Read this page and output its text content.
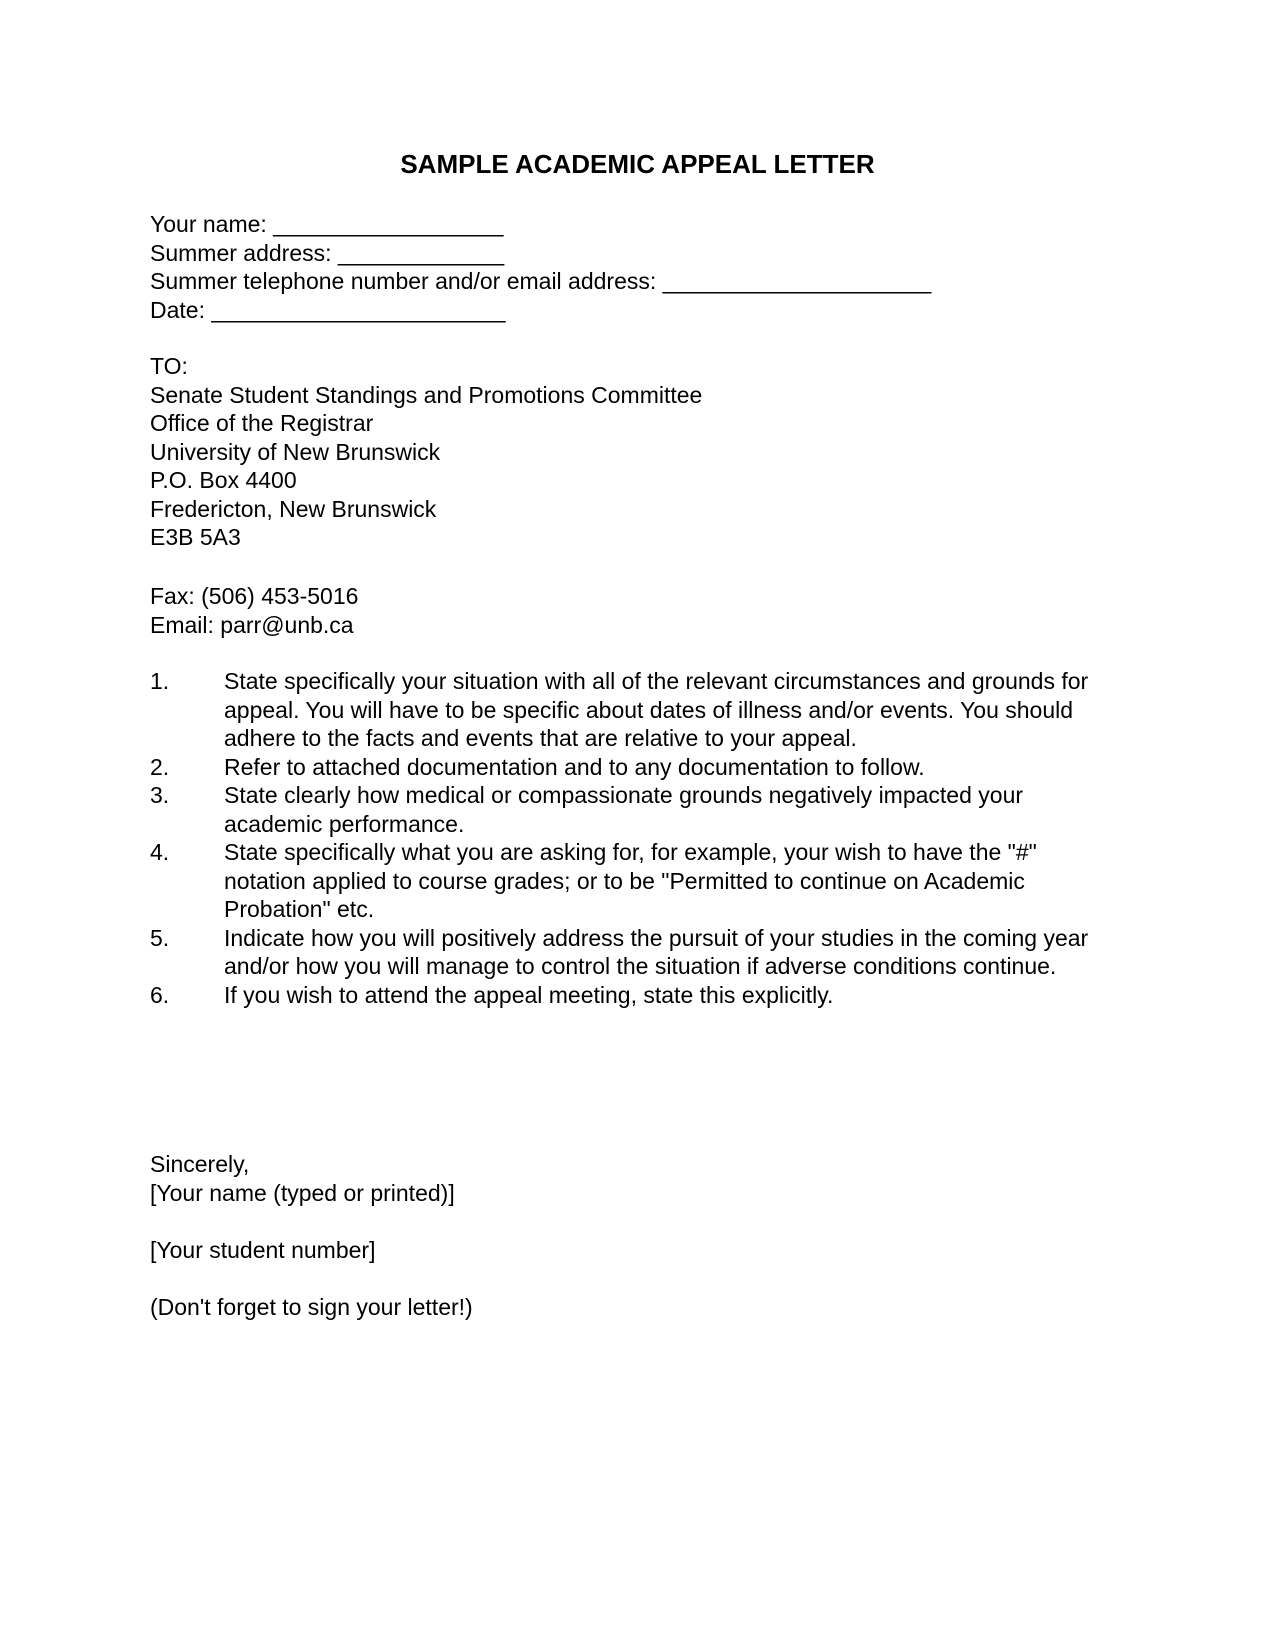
SAMPLE ACADEMIC APPEAL LETTER
Your name: __________________
Summer address: _____________
Summer telephone number and/or email address: _____________________
Date: _______________________
TO:
Senate Student Standings and Promotions Committee
Office of the Registrar
University of New Brunswick
P.O. Box 4400
Fredericton, New Brunswick
E3B 5A3
Fax: (506) 453-5016
Email: parr@unb.ca
1. State specifically your situation with all of the relevant circumstances and grounds for appeal. You will have to be specific about dates of illness and/or events. You should adhere to the facts and events that are relative to your appeal.
2. Refer to attached documentation and to any documentation to follow.
3. State clearly how medical or compassionate grounds negatively impacted your academic performance.
4. State specifically what you are asking for, for example, your wish to have the "#" notation applied to course grades; or to be "Permitted to continue on Academic Probation" etc.
5. Indicate how you will positively address the pursuit of your studies in the coming year and/or how you will manage to control the situation if adverse conditions continue.
6. If you wish to attend the appeal meeting, state this explicitly.
Sincerely,
[Your name (typed or printed)]
[Your student number]
(Don't forget to sign your letter!)
